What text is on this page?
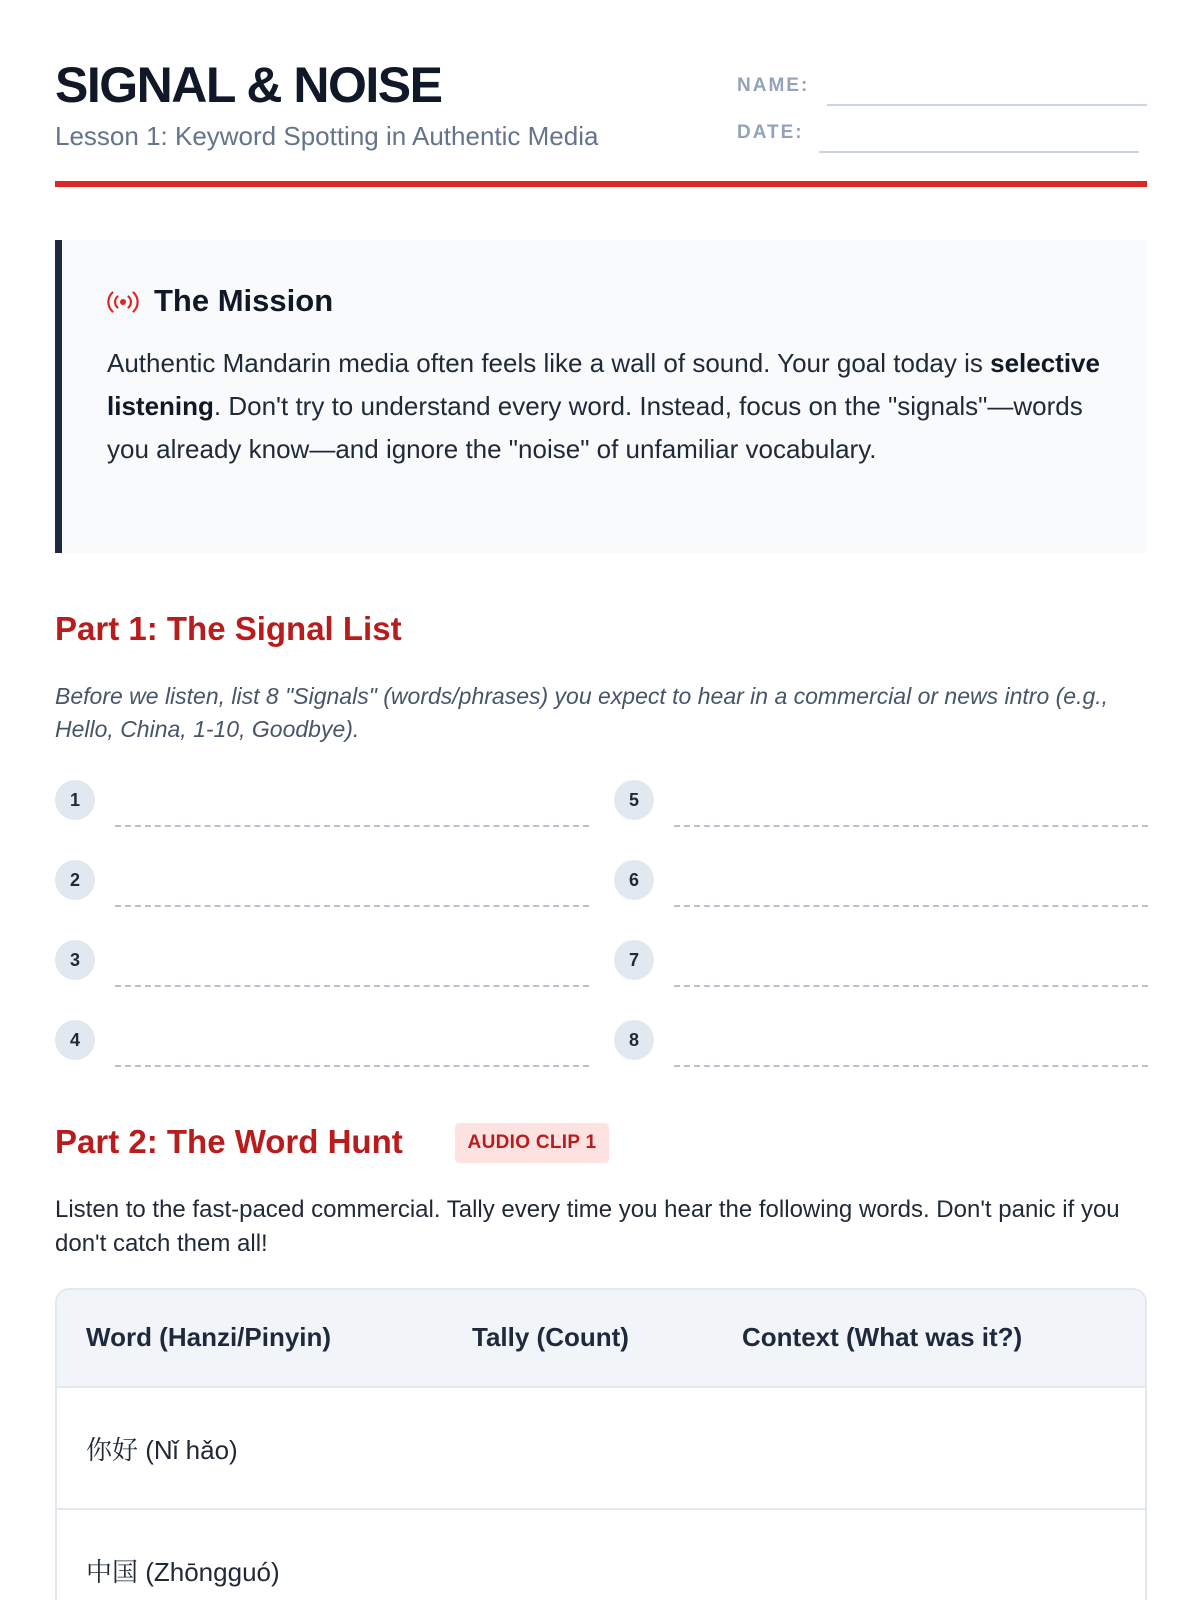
SIGNAL & NOISE
Lesson 1: Keyword Spotting in Authentic Media
NAME:
DATE:
The Mission
Authentic Mandarin media often feels like a wall of sound. Your goal today is selective listening. Don't try to understand every word. Instead, focus on the "signals"—words you already know—and ignore the "noise" of unfamiliar vocabulary.
Part 1: The Signal List
Before we listen, list 8 "Signals" (words/phrases) you expect to hear in a commercial or news intro (e.g., Hello, China, 1-10, Goodbye).
1
2
3
4
5
6
7
8
Part 2: The Word Hunt	AUDIO CLIP 1
Listen to the fast-paced commercial. Tally every time you hear the following words. Don't panic if you don't catch them all!
Word (Hanzi/Pinyin)	Tally (Count)	Context (What was it?)
你好 (Nǐ hǎo)
中国 (Zhōngguó)
